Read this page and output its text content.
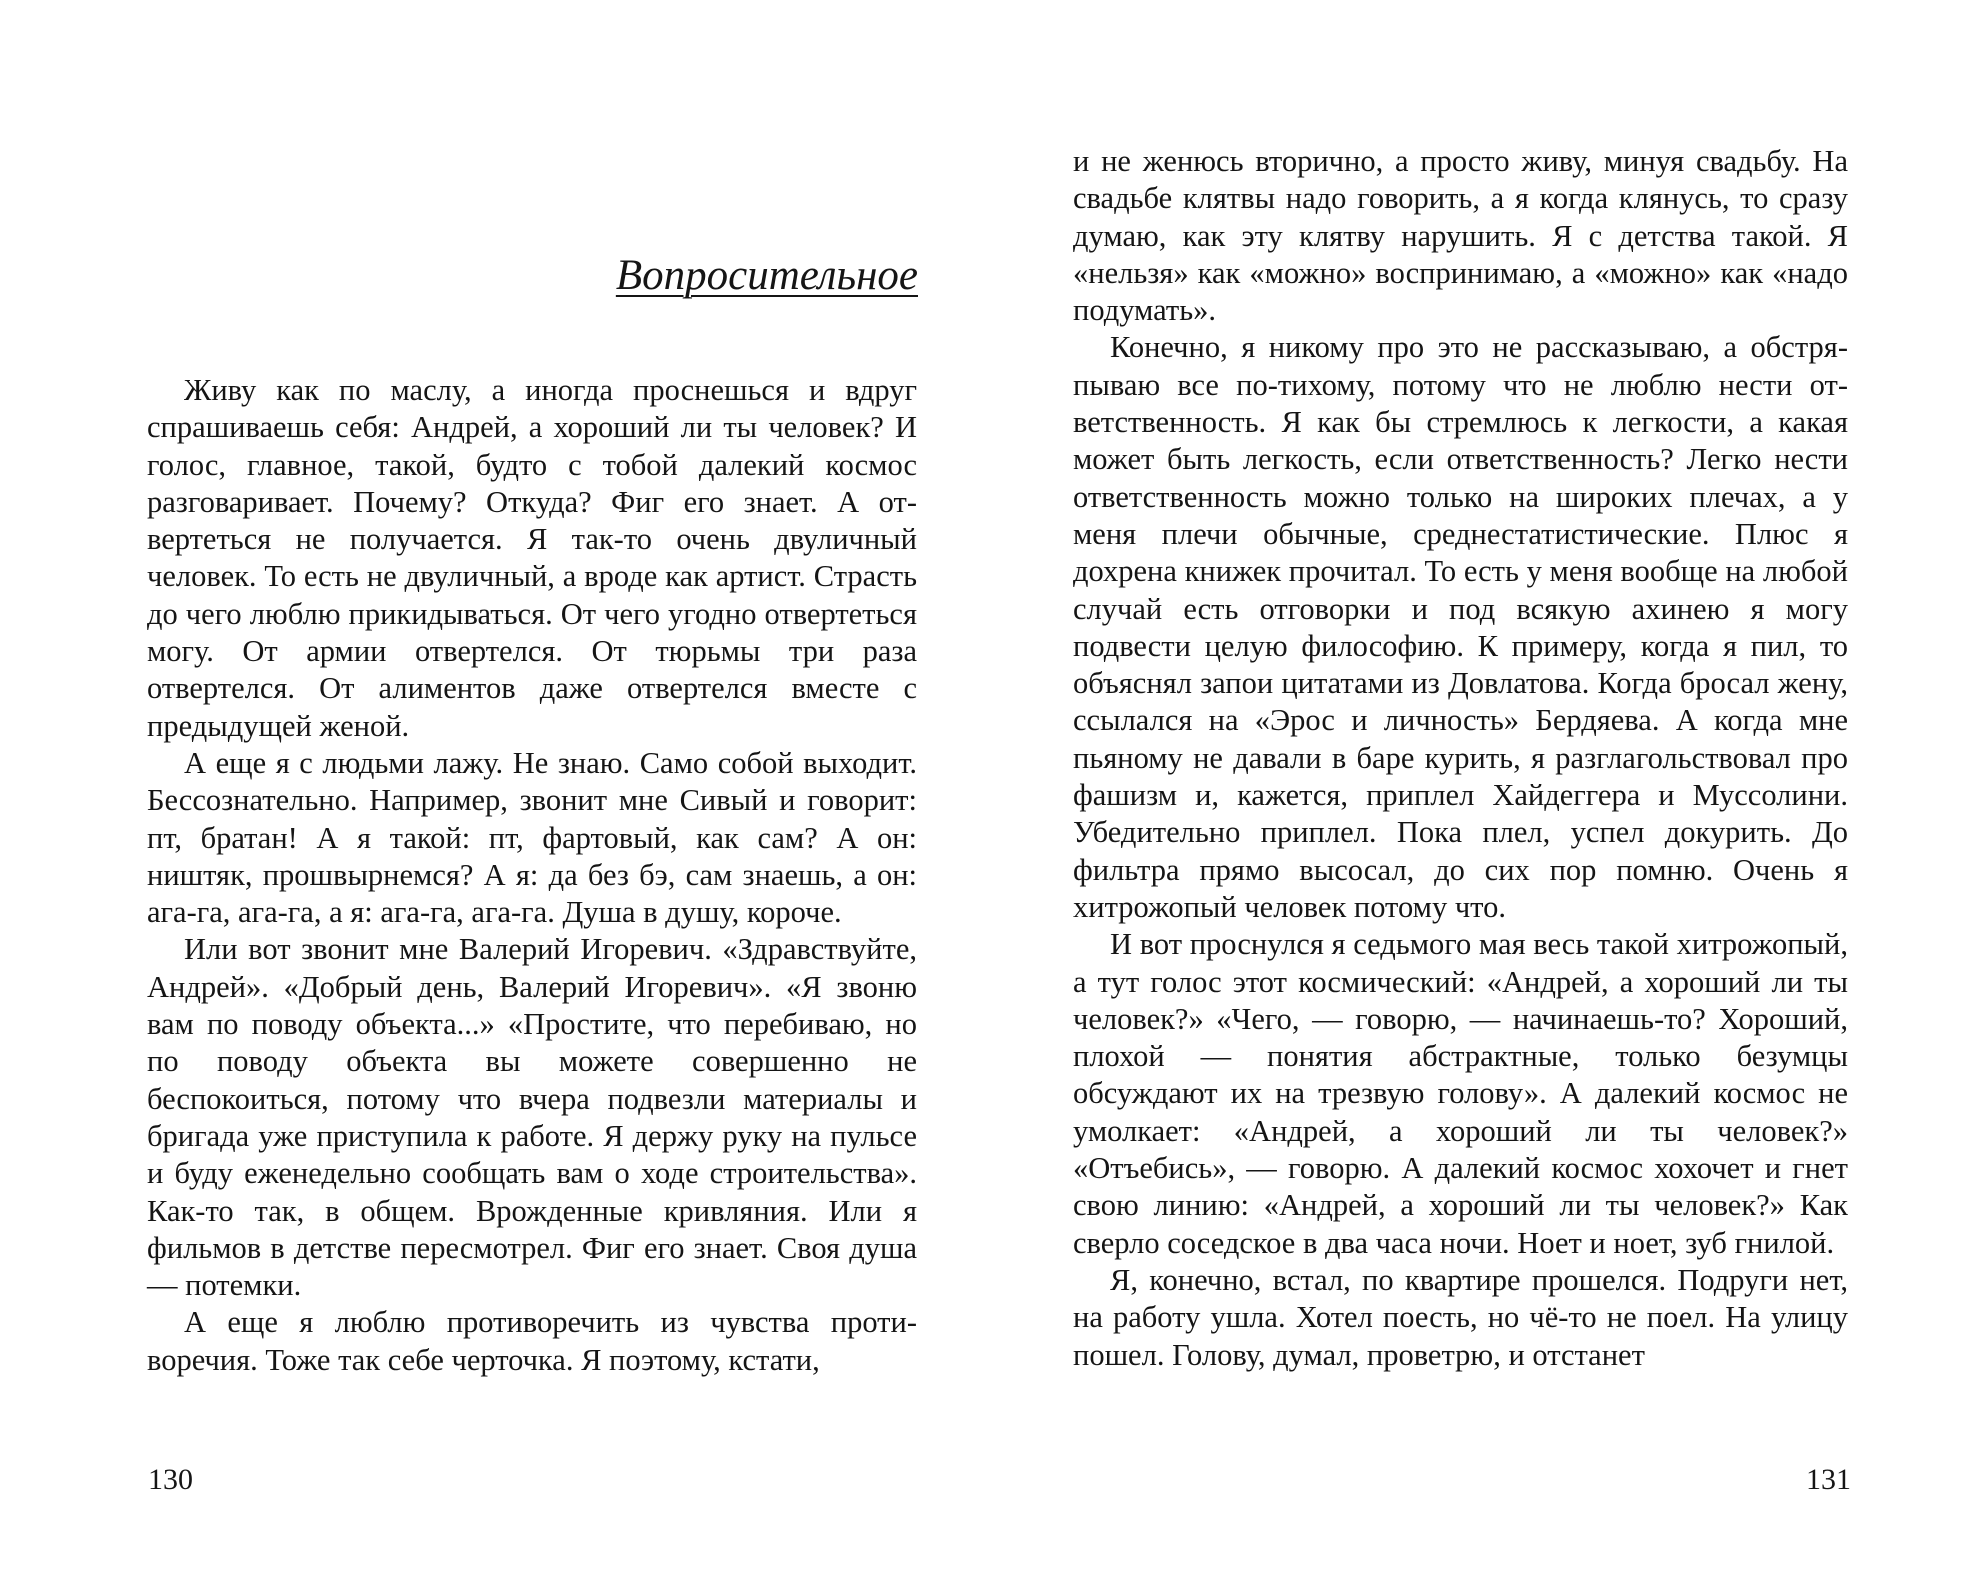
Вопросительное

Живу как по маслу, а иногда проснешься и вдруг спрашиваешь себя: Андрей, а хороший ли ты человек? И голос, главное, такой, будто с тобой далекий космос разговаривает. Почему? Откуда? Фиг его знает. А отвертеться не получается. Я так-то очень двуличный человек. То есть не двуличный, а вроде как артист. Страсть до чего люблю прикидываться. От чего угодно отвертеться могу. От армии отвертелся. От тюрьмы три раза отвертелся. От алиментов даже отвертелся вместе с предыдущей женой.

А еще я с людьми лажу. Не знаю. Само собой выходит. Бессознательно. Например, звонит мне Сивый и говорит: пт, братан! А я такой: пт, фартовый, как сам? А он: ништяк, прошвырнемся? А я: да без бэ, сам знаешь, а он: ага-га, ага-га, а я: ага-га, ага-га. Душа в душу, короче.

Или вот звонит мне Валерий Игоревич. «Здравствуйте, Андрей». «Добрый день, Валерий Игоревич». «Я звоню вам по поводу объекта...» «Простите, что перебиваю, но по поводу объекта вы можете совершенно не беспокоиться, потому что вчера подвезли материалы и бригада уже приступила к работе. Я держу руку на пульсе и буду еженедельно сообщать вам о ходе строительства». Как-то так, в общем. Врожденные кривляния. Или я фильмов в детстве пересмотрел. Фиг его знает. Своя душа — потемки.

А еще я люблю противоречить из чувства противоречия. Тоже так себе черточка. Я поэтому, кстати,

130

и не женюсь вторично, а просто живу, минуя свадьбу. На свадьбе клятвы надо говорить, а я когда клянусь, то сразу думаю, как эту клятву нарушить. Я с детства такой. Я «нельзя» как «можно» воспринимаю, а «можно» как «надо подумать».

Конечно, я никому про это не рассказываю, а обстряпываю все по-тихому, потому что не люблю нести ответственность. Я как бы стремлюсь к легкости, а какая может быть легкость, если ответственность? Легко нести ответственность можно только на широких плечах, а у меня плечи обычные, среднестатистические. Плюс я дохрена книжек прочитал. То есть у меня вообще на любой случай есть отговорки и под всякую ахинею я могу подвести целую философию. К примеру, когда я пил, то объяснял запои цитатами из Довлатова. Когда бросал жену, ссылался на «Эрос и личность» Бердяева. А когда мне пьяному не давали в баре курить, я разглагольствовал про фашизм и, кажется, приплел Хайдеггера и Муссолини. Убедительно приплел. Пока плел, успел докурить. До фильтра прямо высосал, до сих пор помню. Очень я хитрожопый человек потому что.

И вот проснулся я седьмого мая весь такой хитрожопый, а тут голос этот космический: «Андрей, а хороший ли ты человек?» «Чего, — говорю, — начинаешь-то? Хороший, плохой — понятия абстрактные, только безумцы обсуждают их на трезвую голову». А далекий космос не умолкает: «Андрей, а хороший ли ты человек?» «Отъебись», — говорю. А далекий космос хохочет и гнет свою линию: «Андрей, а хороший ли ты человек?» Как сверло соседское в два часа ночи. Ноет и ноет, зуб гнилой.

Я, конечно, встал, по квартире прошелся. Подруги нет, на работу ушла. Хотел поесть, но чё-то не поел. На улицу пошел. Голову, думал, проветрю, и отстанет

131
